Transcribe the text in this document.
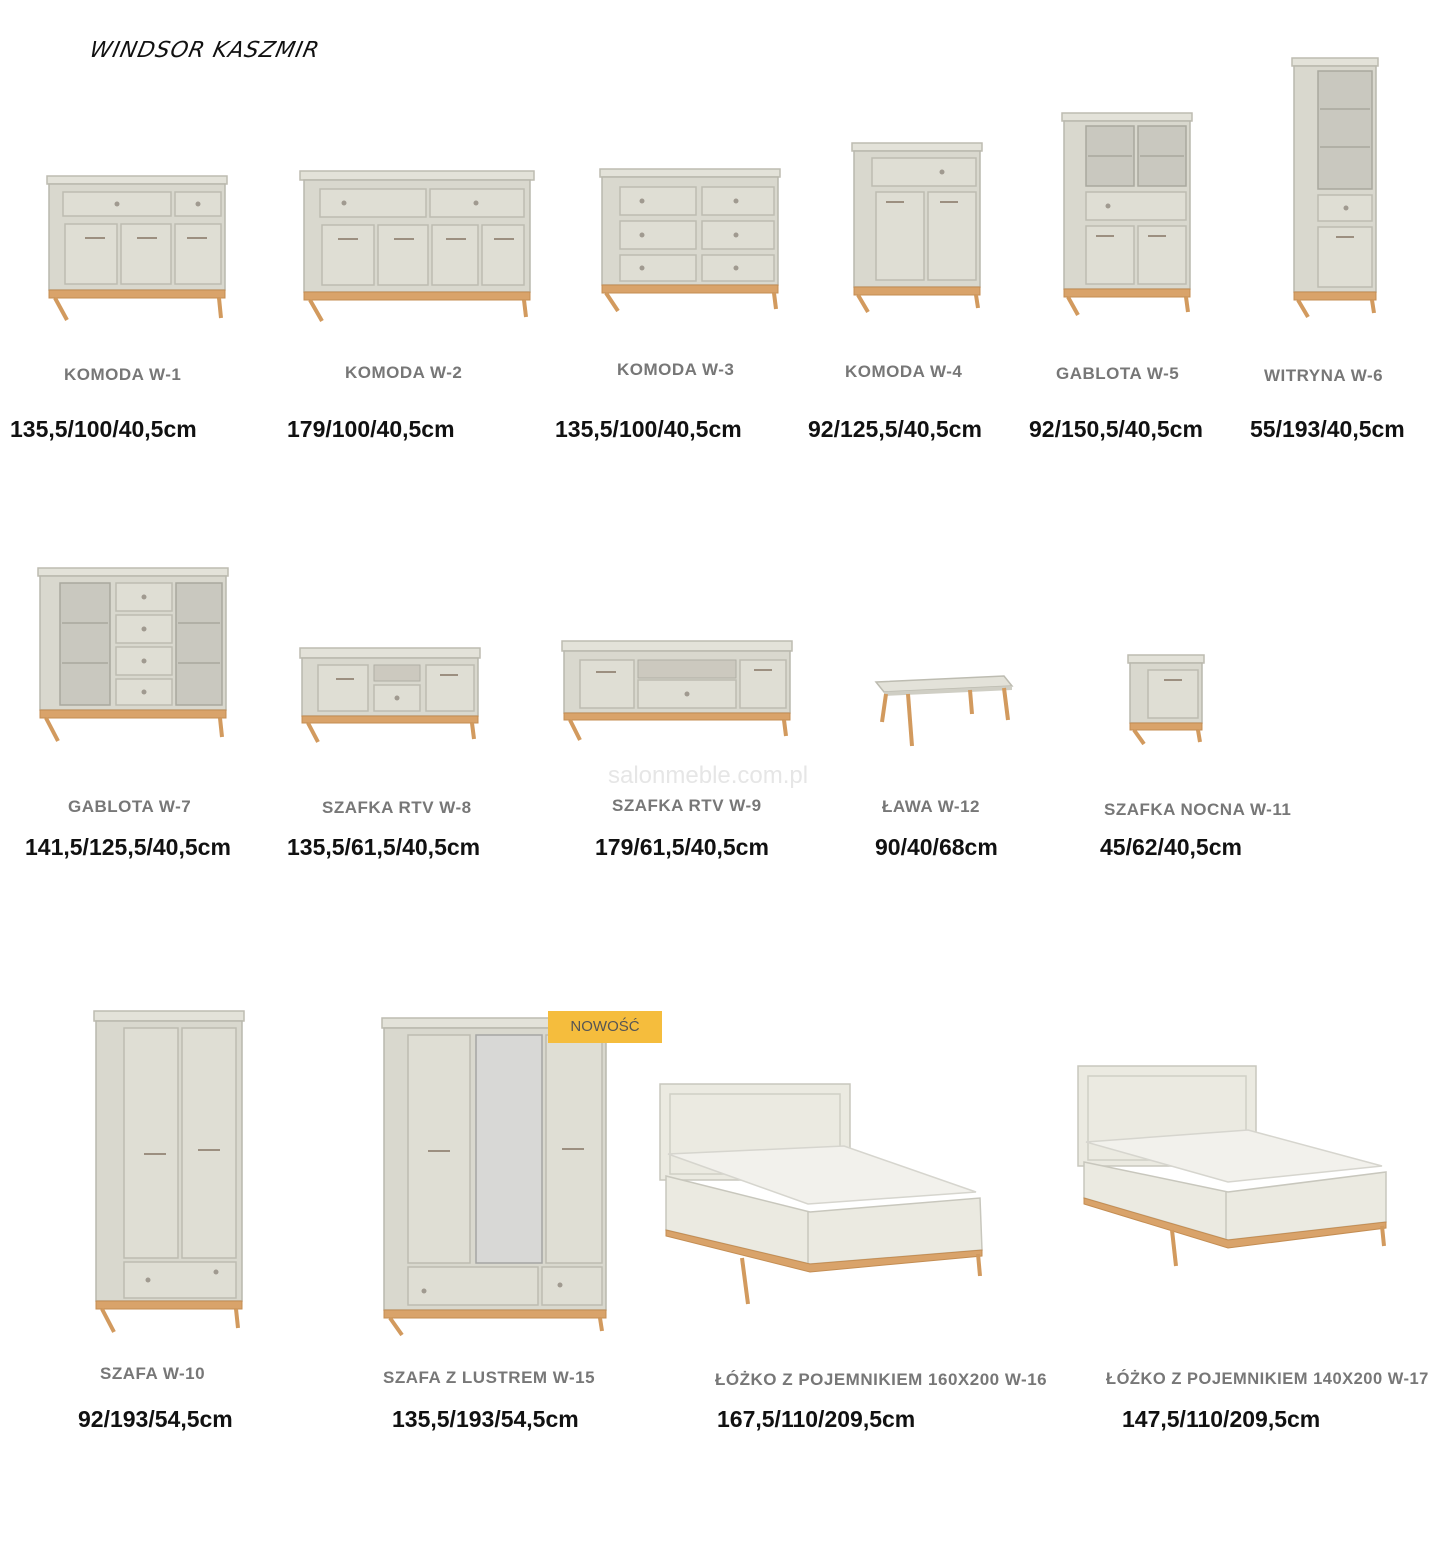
WINDSOR KASZMIR
salonmeble.com.pl
KOMODA W-1
135,5/100/40,5cm
KOMODA W-2
179/100/40,5cm
KOMODA W-3
135,5/100/40,5cm
KOMODA W-4
92/125,5/40,5cm
GABLOTA W-5
92/150,5/40,5cm
WITRYNA W-6
55/193/40,5cm
GABLOTA W-7
141,5/125,5/40,5cm
SZAFKA RTV W-8
135,5/61,5/40,5cm
SZAFKA RTV W-9
179/61,5/40,5cm
ŁAWA W-12
90/40/68cm
SZAFKA NOCNA W-11
45/62/40,5cm
NOWOŚĆ
SZAFA W-10
92/193/54,5cm
SZAFA Z LUSTREM W-15
135,5/193/54,5cm
ŁÓŻKO Z POJEMNIKIEM 160X200 W-16
167,5/110/209,5cm
ŁÓŻKO Z POJEMNIKIEM 140X200 W-17
147,5/110/209,5cm
